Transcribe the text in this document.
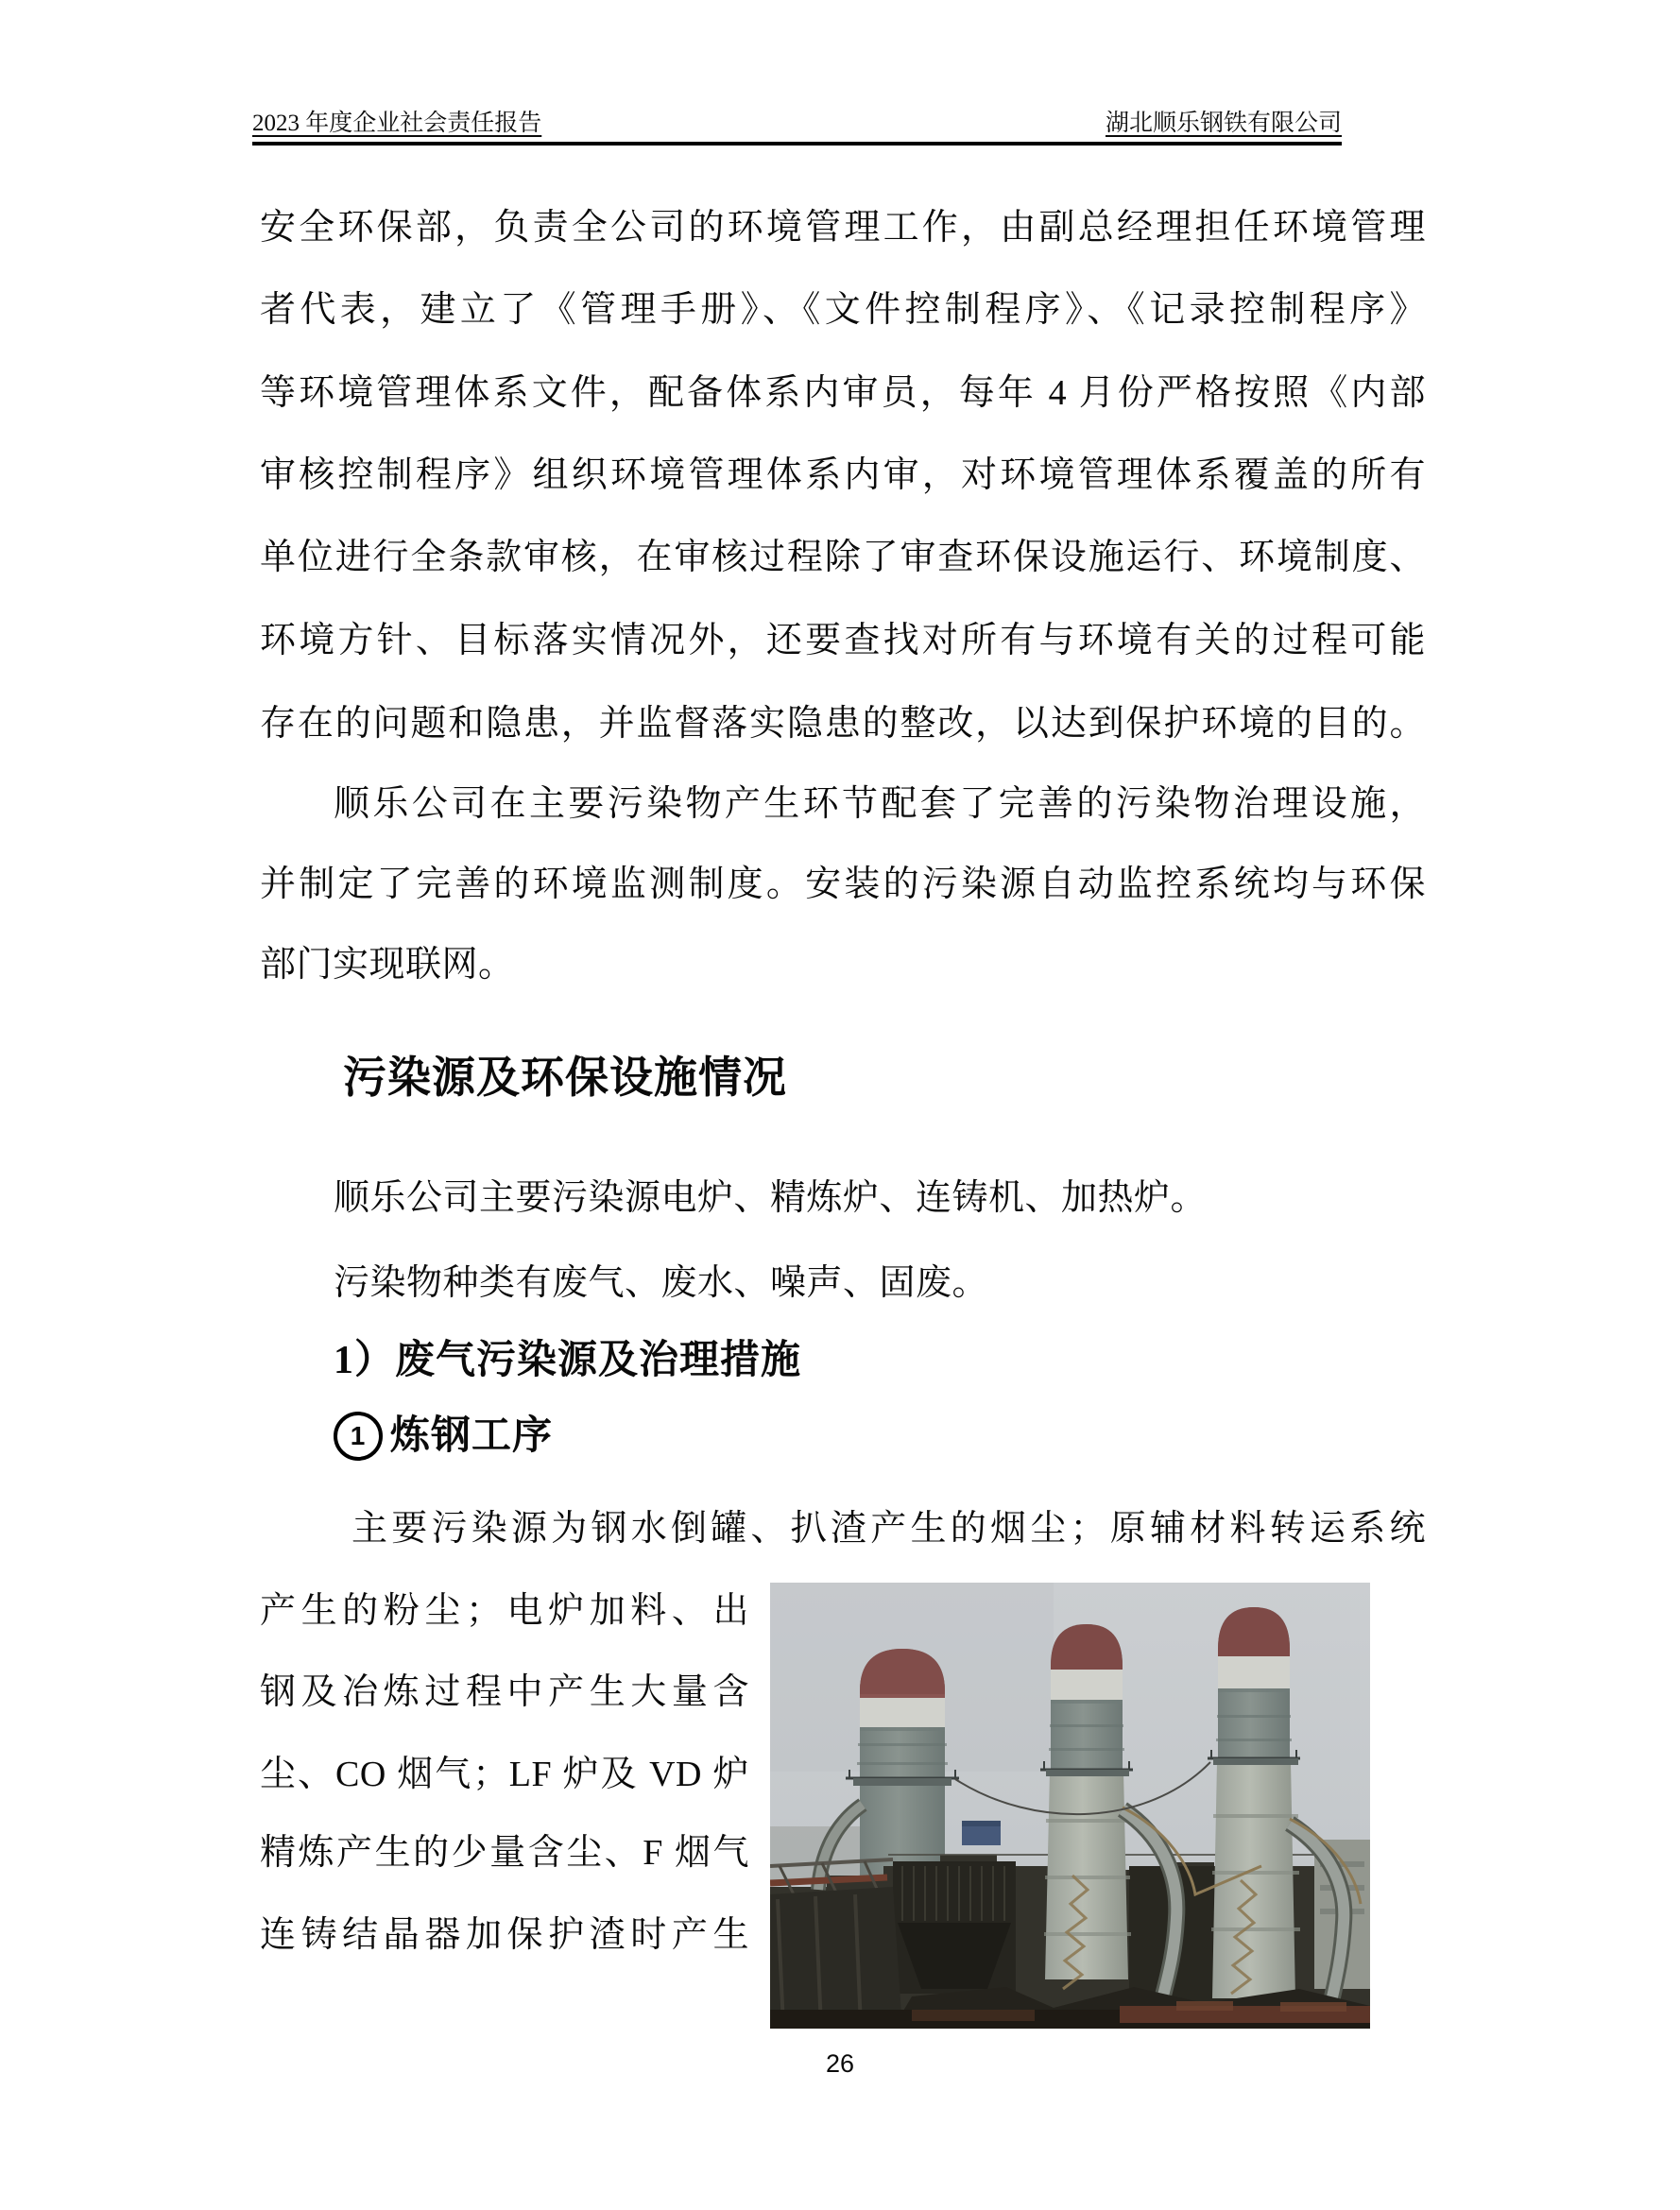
2023 年度企业社会责任报告	湖北顺乐钢铁有限公司
安全环保部，负责全公司的环境管理工作，由副总经理担任环境管理
者代表，建立了《管理手册》、《文件控制程序》、《记录控制程序》
等环境管理体系文件，配备体系内审员，每年 4 月份严格按照《内部
审核控制程序》组织环境管理体系内审，对环境管理体系覆盖的所有
单位进行全条款审核，在审核过程除了审查环保设施运行、环境制度、
环境方针、目标落实情况外，还要查找对所有与环境有关的过程可能
存在的问题和隐患，并监督落实隐患的整改，以达到保护环境的目的。
顺乐公司在主要污染物产生环节配套了完善的污染物治理设施，
并制定了完善的环境监测制度。安装的污染源自动监控系统均与环保
部门实现联网。
污染源及环保设施情况
顺乐公司主要污染源电炉、精炼炉、连铸机、加热炉。
污染物种类有废气、废水、噪声、固废。
1）废气污染源及治理措施
1 炼钢工序
主要污染源为钢水倒罐、扒渣产生的烟尘；原辅材料转运系统
产生的粉尘；电炉加料、出
钢及冶炼过程中产生大量含
尘、CO 烟气；LF 炉及 VD 炉
精炼产生的少量含尘、F 烟气
连铸结晶器加保护渣时产生
26
